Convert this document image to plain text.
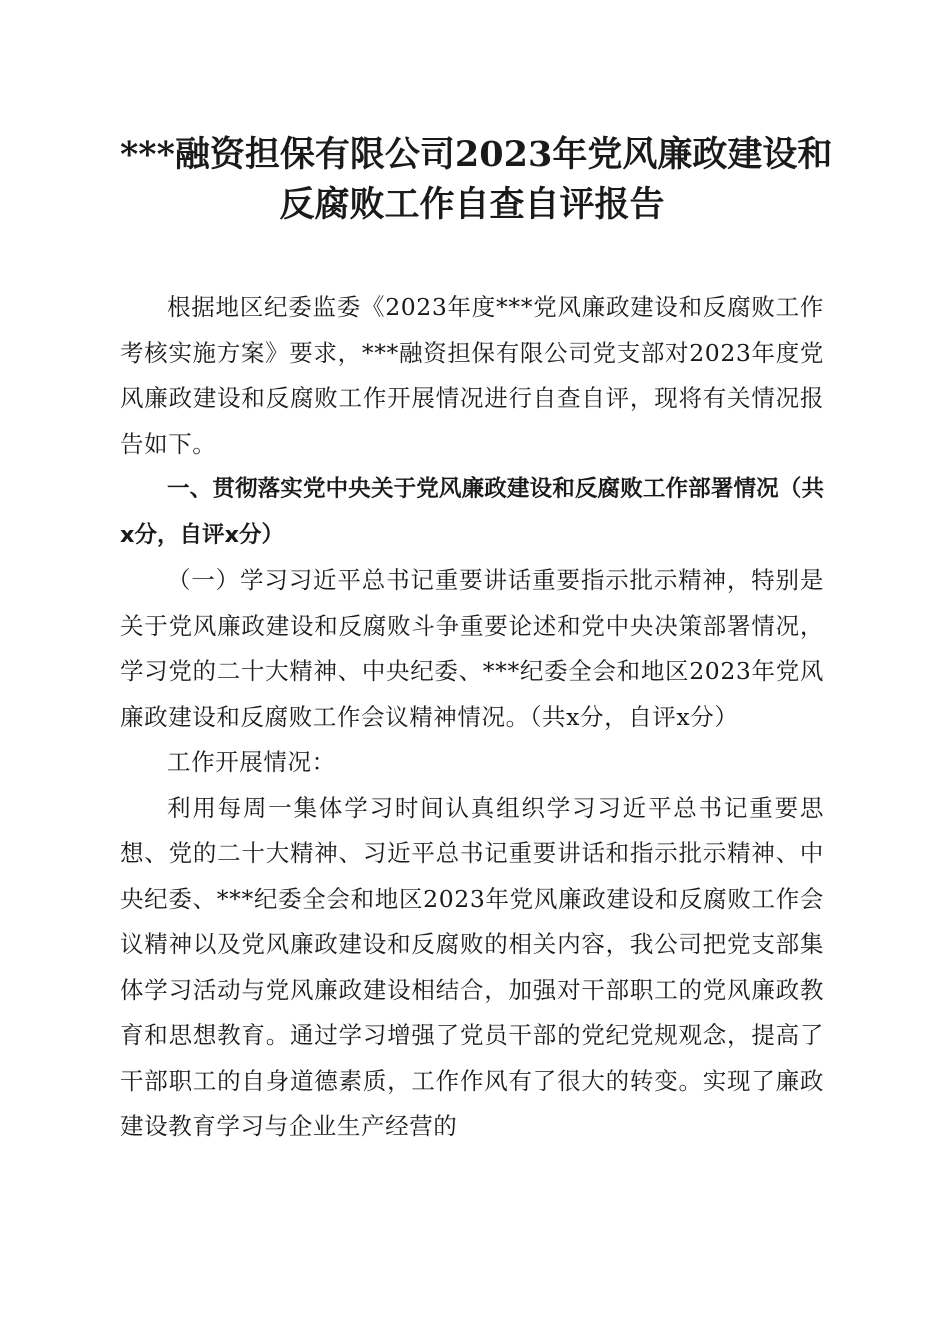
***融资担保有限公司2023年党风廉政建设和
反腐败工作自查自评报告

根据地区纪委监委《2023年度***党风廉政建设和反腐败工作考核实施方案》要求，***融资担保有限公司党支部对2023年度党风廉政建设和反腐败工作开展情况进行自查自评，现将有关情况报告如下。

一、贯彻落实党中央关于党风廉政建设和反腐败工作部署情况（共x分，自评x分）

（一）学习习近平总书记重要讲话重要指示批示精神，特别是关于党风廉政建设和反腐败斗争重要论述和党中央决策部署情况，学习党的二十大精神、中央纪委、***纪委全会和地区2023年党风廉政建设和反腐败工作会议精神情况。（共x分，自评x分）

工作开展情况：

利用每周一集体学习时间认真组织学习习近平总书记重要思想、党的二十大精神、习近平总书记重要讲话和指示批示精神、中央纪委、***纪委全会和地区2023年党风廉政建设和反腐败工作会议精神以及党风廉政建设和反腐败的相关内容，我公司把党支部集体学习活动与党风廉政建设相结合，加强对干部职工的党风廉政教育和思想教育。通过学习增强了党员干部的党纪党规观念，提高了干部职工的自身道德素质，工作作风有了很大的转变。实现了廉政建设教育学习与企业生产经营的
